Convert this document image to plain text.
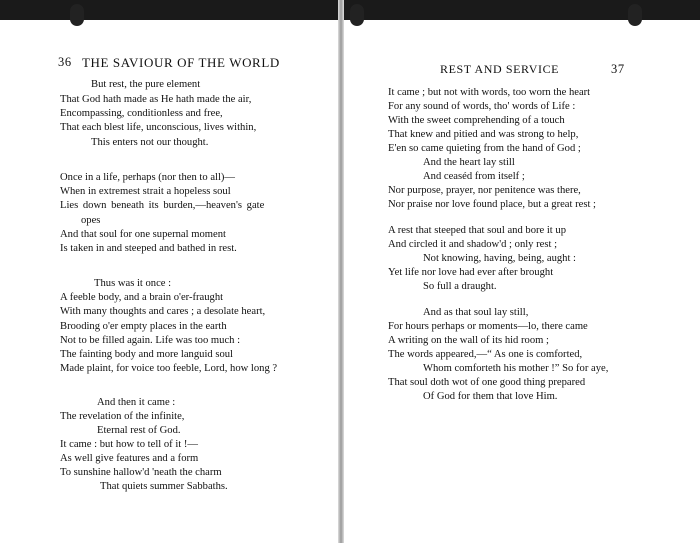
36 THE SAVIOUR OF THE WORLD
But rest, the pure element
That God hath made as He hath made the air,
Encompassing, conditionless and free,
That each blest life, unconscious, lives within,
This enters not our thought.
Once in a life, perhaps (nor then to all)—
When in extremest strait a hopeless soul
Lies down beneath its burden,—heaven's gate
opes
And that soul for one supernal moment
Is taken in and steeped and bathed in rest.
Thus was it once :
A feeble body, and a brain o'er-fraught
With many thoughts and cares ; a desolate heart,
Brooding o'er empty places in the earth
Not to be filled again. Life was too much :
The fainting body and more languid soul
Made plaint, for voice too feeble, Lord, how long ?
And then it came :
The revelation of the infinite,
Eternal rest of God.
It came : but how to tell of it !—
As well give features and a form
To sunshine hallow'd 'neath the charm
That quiets summer Sabbaths.
REST AND SERVICE	37
It came ; but not with words, too worn the heart
For any sound of words, tho' words of Life :
With the sweet comprehending of a touch
That knew and pitied and was strong to help,
E'en so came quieting from the hand of God ;
And the heart lay still
And ceaséd from itself ;
Nor purpose, prayer, nor penitence was there,
Nor praise nor love found place, but a great rest ;
A rest that steeped that soul and bore it up
And circled it and shadow'd ; only rest ;
Not knowing, having, being, aught :
Yet life nor love had ever after brought
So full a draught.
And as that soul lay still,
For hours perhaps or moments—lo, there came
A writing on the wall of its hid room ;
The words appeared,—“ As one is comforted,
Whom comforteth his mother !” So for aye,
That soul doth wot of one good thing prepared
Of God for them that love Him.
